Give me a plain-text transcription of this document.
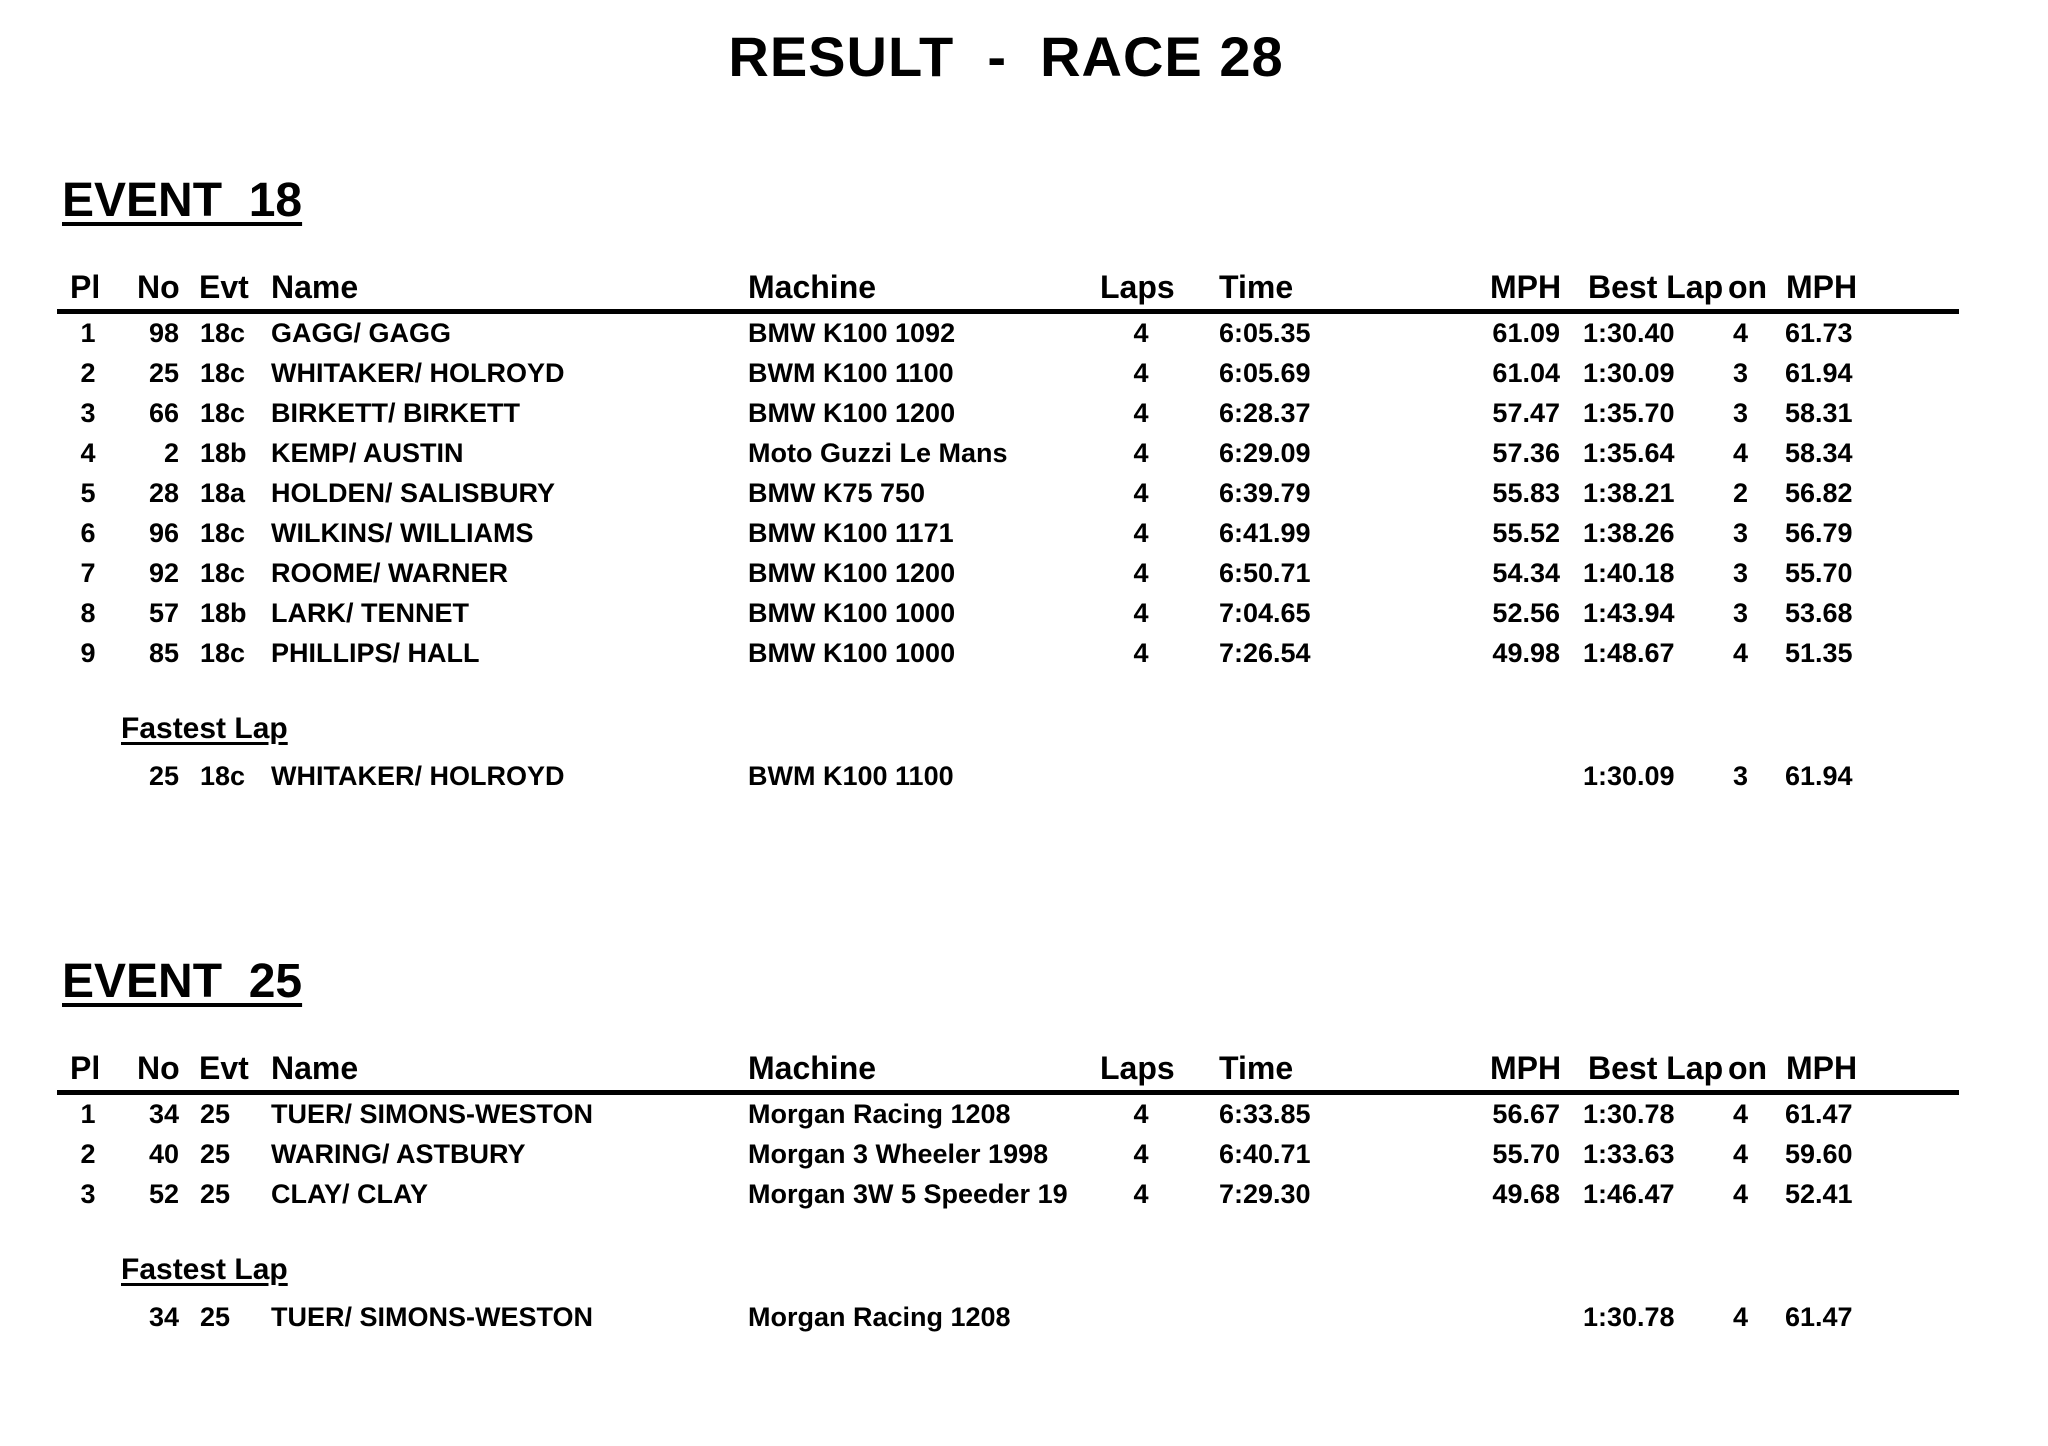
RESULT  -  RACE 28
EVENT  18
Pl No Evt Name	Machine	Laps Time	MPH Best Lap on MPH
1	98 18c GAGG/ GAGG	BMW K100 1092	4	6:05.35	61.09 1:30.40 4 61.73
2	25 18c WHITAKER/ HOLROYD	BWM K100 1100	4	6:05.69	61.04 1:30.09 3 61.94
3	66 18c BIRKETT/ BIRKETT	BMW K100 1200	4	6:28.37	57.47 1:35.70 3 58.31
4	2 18b KEMP/ AUSTIN	Moto Guzzi Le Mans	4	6:29.09	57.36 1:35.64 4 58.34
5	28 18a HOLDEN/ SALISBURY	BMW K75 750	4	6:39.79	55.83 1:38.21 2 56.82
6	96 18c WILKINS/ WILLIAMS	BMW K100 1171	4	6:41.99	55.52 1:38.26 3 56.79
7	92 18c ROOME/ WARNER	BMW K100 1200	4	6:50.71	54.34 1:40.18 3 55.70
8	57 18b LARK/ TENNET	BMW K100 1000	4	7:04.65	52.56 1:43.94 3 53.68
9	85 18c PHILLIPS/ HALL	BMW K100 1000	4	7:26.54	49.98 1:48.67 4 51.35
Fastest Lap
25 18c WHITAKER/ HOLROYD	BWM K100 1100	1:30.09 3 61.94
EVENT  25
Pl No Evt Name	Machine	Laps Time	MPH Best Lap on MPH
1	34 25 TUER/ SIMONS-WESTON	Morgan Racing 1208	4	6:33.85	56.67 1:30.78 4 61.47
2	40 25 WARING/ ASTBURY	Morgan 3 Wheeler 1998	4	6:40.71	55.70 1:33.63 4 59.60
3	52 25 CLAY/ CLAY	Morgan 3W 5 Speeder 19	4	7:29.30	49.68 1:46.47 4 52.41
Fastest Lap
34 25 TUER/ SIMONS-WESTON	Morgan Racing 1208	1:30.78 4 61.47
